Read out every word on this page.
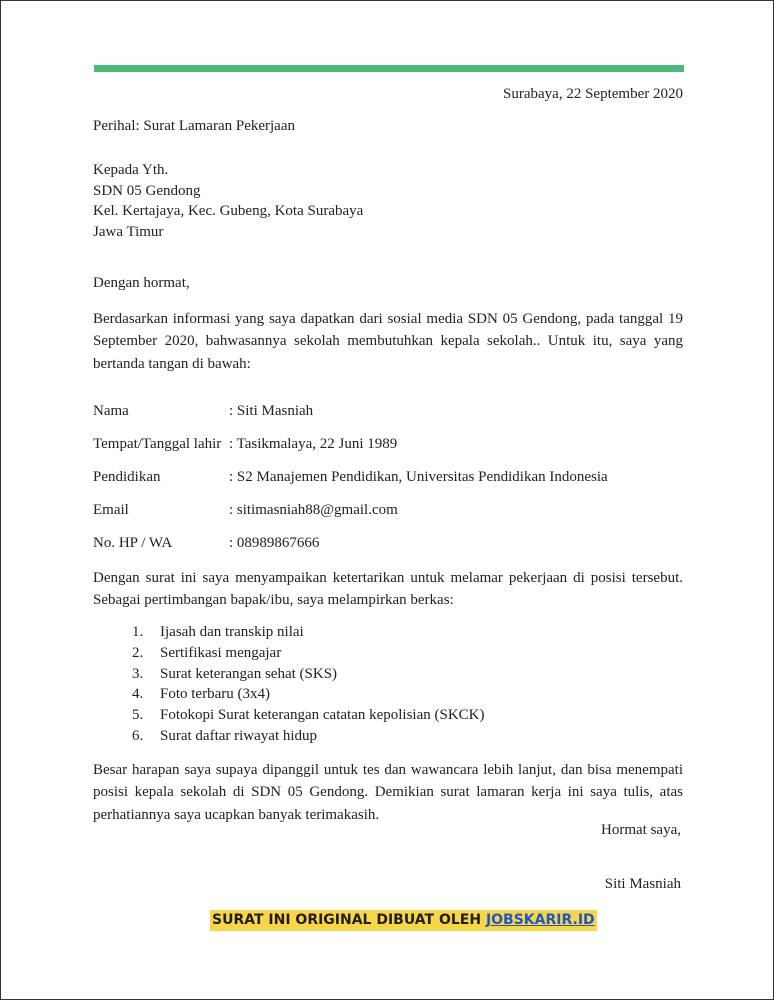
Surabaya, 22 September 2020
Perihal: Surat Lamaran Pekerjaan
Kepada Yth.
SDN 05 Gendong
Kel. Kertajaya, Kec. Gubeng, Kota Surabaya
Jawa Timur
Dengan hormat,
Berdasarkan informasi yang saya dapatkan dari sosial media SDN 05 Gendong, pada tanggal 19 September 2020, bahwasannya sekolah membutuhkan kepala sekolah.. Untuk itu, saya yang bertanda tangan di bawah:
Nama	: Siti Masniah
Tempat/Tanggal lahir : Tasikmalaya, 22 Juni 1989
Pendidikan	: S2 Manajemen Pendidikan, Universitas Pendidikan Indonesia
Email	: sitimasniah88@gmail.com
No. HP / WA	: 08989867666
Dengan surat ini saya menyampaikan ketertarikan untuk melamar pekerjaan di posisi tersebut. Sebagai pertimbangan bapak/ibu, saya melampirkan berkas:
1. Ijasah dan transkip nilai
2. Sertifikasi mengajar
3. Surat keterangan sehat (SKS)
4. Foto terbaru (3x4)
5. Fotokopi Surat keterangan catatan kepolisian (SKCK)
6. Surat daftar riwayat hidup
Besar harapan saya supaya dipanggil untuk tes dan wawancara lebih lanjut, dan bisa menempati posisi kepala sekolah di SDN 05 Gendong. Demikian surat lamaran kerja ini saya tulis, atas perhatiannya saya ucapkan banyak terimakasih.
Hormat saya,
Siti Masniah
SURAT INI ORIGINAL DIBUAT OLEH JOBSKARIR.ID
